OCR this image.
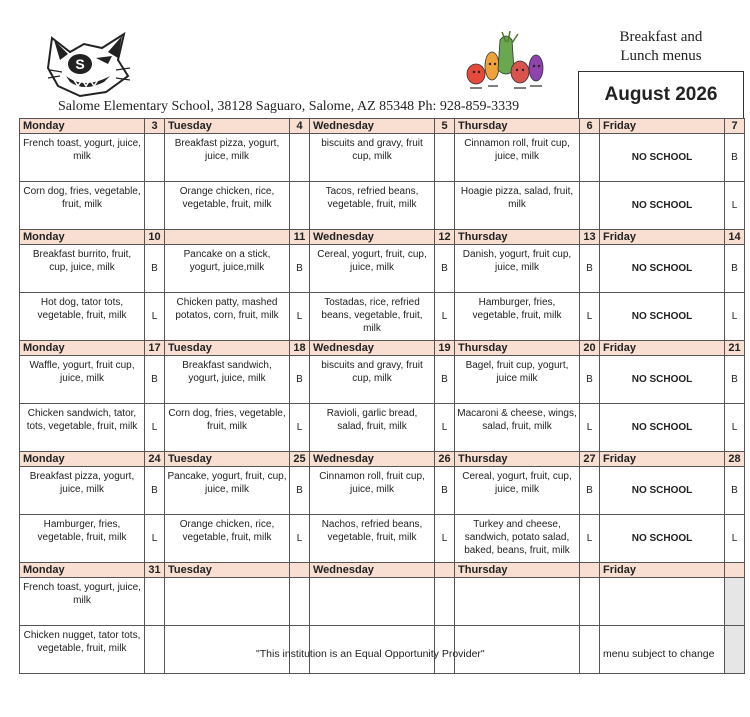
S
Breakfast and
Lunch menus
Salome Elementary School, 38128 Saguaro, Salome, AZ 85348 Ph: 928-859-3339
August 2026
Monday	3	Tuesday	4	Wednesday	5	Thursday	6	Friday	7
French toast, yogurt, juice, milk		Breakfast pizza, yogurt, juice, milk		biscuits and gravy, fruit cup, milk		Cinnamon roll, fruit cup, juice, milk		NO SCHOOL	B
Corn dog, fries, vegetable, fruit, milk		Orange chicken, rice, vegetable, fruit, milk		Tacos, refried beans, vegetable, fruit, milk		Hoagie pizza, salad, fruit, milk		NO SCHOOL	L
Monday	10		11	Wednesday	12	Thursday	13	Friday	14
Breakfast burrito, fruit, cup, juice, milk	B	Pancake on a stick, yogurt, juice,milk	B	Cereal, yogurt, fruit, cup, juice, milk	B	Danish, yogurt, fruit cup, juice, milk	B	NO SCHOOL	B
Hot dog, tator tots, vegetable, fruit, milk	L	Chicken patty, mashed potatos, corn, fruit, milk	L	Tostadas, rice, refried beans, vegetable, fruit, milk	L	Hamburger, fries, vegetable, fruit, milk	L	NO SCHOOL	L
Monday	17	Tuesday	18	Wednesday	19	Thursday	20	Friday	21
Waffle, yogurt, fruit cup, juice, milk	B	Breakfast sandwich, yogurt, juice, milk	B	biscuits and gravy, fruit cup, milk	B	Bagel, fruit cup, yogurt, juice milk	B	NO SCHOOL	B
Chicken sandwich, tator, tots, vegetable, fruit, milk	L	Corn dog, fries, vegetable, fruit, milk	L	Ravioli, garlic bread, salad, fruit, milk	L	Macaroni & cheese, wings, salad, fruit, milk	L	NO SCHOOL	L
Monday	24	Tuesday	25	Wednesday	26	Thursday	27	Friday	28
Breakfast pizza, yogurt, juice, milk	B	Pancake, yogurt, fruit, cup, juice, milk	B	Cinnamon roll, fruit cup, juice, milk	B	Cereal, yogurt, fruit, cup, juice, milk	B	NO SCHOOL	B
Hamburger, fries, vegetable, fruit, milk	L	Orange chicken, rice, vegetable, fruit, milk	L	Nachos, refried beans, vegetable, fruit, milk	L	Turkey and cheese, sandwich, potato salad, baked, beans, fruit, milk	L	NO SCHOOL	L
Monday	31	Tuesday		Wednesday		Thursday		Friday	
French toast, yogurt, juice, milk									
Chicken nugget, tator tots, vegetable, fruit, milk										"This institution is an Equal Opportunity Provider"	menu subject to change
